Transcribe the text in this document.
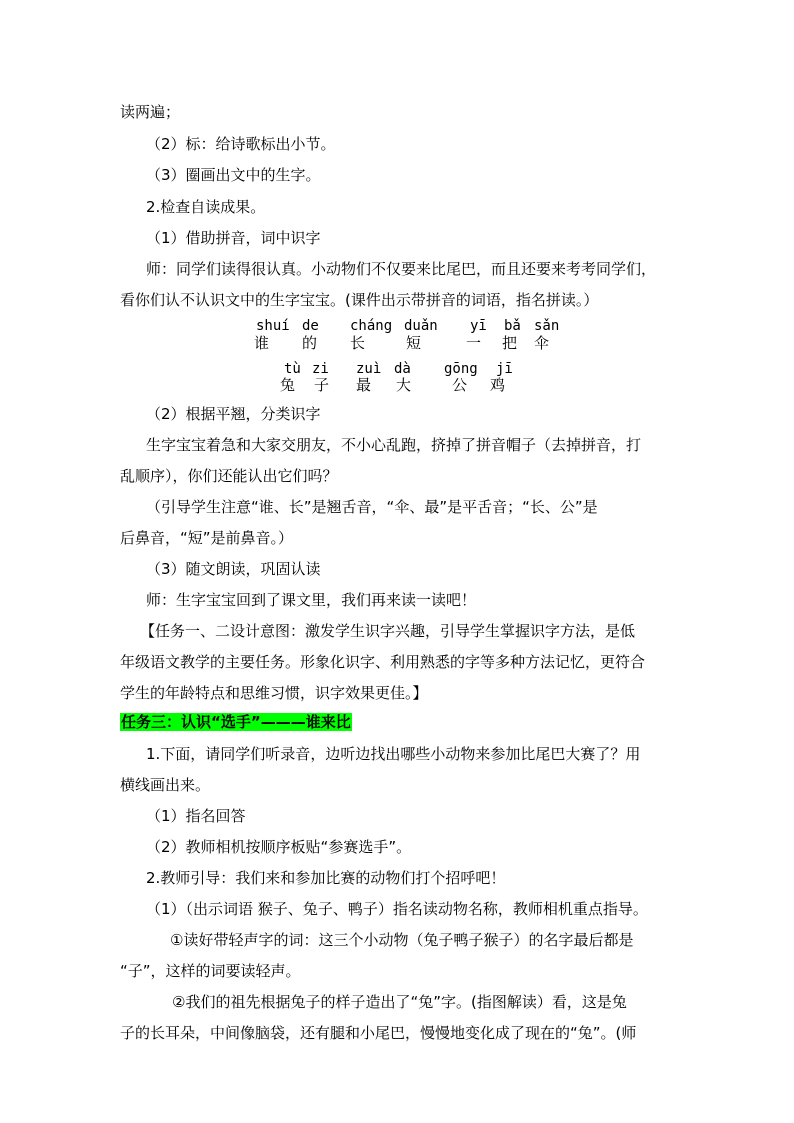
读两遍；
（2）标：给诗歌标出小节。
（3）圈画出文中的生字。
2.检查自读成果。
（1）借助拼音，词中识字
师：同学们读得很认真。小动物们不仅要来比尾巴，而且还要来考考同学们，
看你们认不认识文中的生字宝宝。(课件出示带拼音的词语，指名拼读。）
shuí de cháng duǎn yī bǎ sǎn
谁 的 长	短	一 把 伞
tù zi zuì dà gōng jī
兔 子 最 大	公 鸡
（2）根据平翘，分类识字
生字宝宝着急和大家交朋友，不小心乱跑，挤掉了拼音帽子（去掉拼音，打
乱顺序），你们还能认出它们吗？
（引导学生注意“谁、长”是翘舌音，“伞、最”是平舌音；“长、公”是
后鼻音，“短”是前鼻音。）
（3）随文朗读，巩固认读
师：生字宝宝回到了课文里，我们再来读一读吧！
【任务一、二设计意图：激发学生识字兴趣，引导学生掌握识字方法，是低
年级语文教学的主要任务。形象化识字、利用熟悉的字等多种方法记忆，更符合
学生的年龄特点和思维习惯，识字效果更佳。】
任务三：认识“选手”———谁来比
1.下面，请同学们听录音，边听边找出哪些小动物来参加比尾巴大赛了？用
横线画出来。
（1）指名回答
（2）教师相机按顺序板贴“参赛选手”。
2.教师引导：我们来和参加比赛的动物们打个招呼吧！
（1）（出示词语 猴子、兔子、鸭子）指名读动物名称，教师相机重点指导。
①读好带轻声字的词：这三个小动物（兔子鸭子猴子）的名字最后都是
“子”，这样的词要读轻声。
②我们的祖先根据兔子的样子造出了“兔”字。(指图解读）看，这是兔
子的长耳朵，中间像脑袋，还有腿和小尾巴，慢慢地变化成了现在的“兔”。(师
